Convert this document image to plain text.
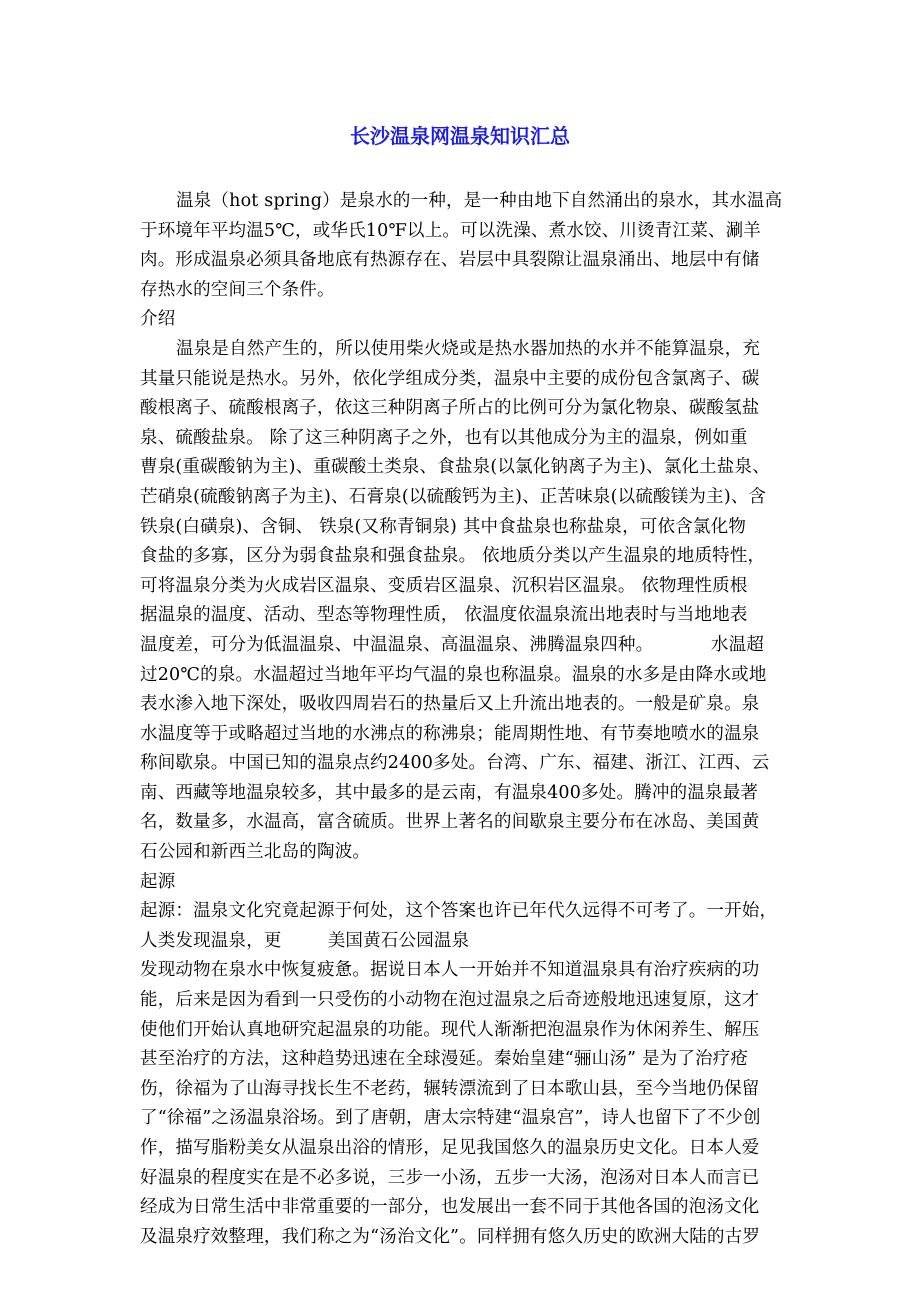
长沙温泉网温泉知识汇总
温泉（hot spring）是泉水的一种，是一种由地下自然涌出的泉水，其水温高
于环境年平均温5℃，或华氏10℉以上。可以洗澡、煮水饺、川烫青江菜、涮羊
肉。形成温泉必须具备地底有热源存在、岩层中具裂隙让温泉涌出、地层中有储
存热水的空间三个条件。
介绍
温泉是自然产生的，所以使用柴火烧或是热水器加热的水并不能算温泉，充
其量只能说是热水。另外，依化学组成分类，温泉中主要的成份包含氯离子、碳
酸根离子、硫酸根离子，依这三种阴离子所占的比例可分为氯化物泉、碳酸氢盐
泉、硫酸盐泉。 除了这三种阴离子之外，也有以其他成分为主的温泉，例如重
曹泉(重碳酸钠为主)、重碳酸土类泉、食盐泉(以氯化钠离子为主)、氯化土盐泉、
芒硝泉(硫酸钠离子为主)、石膏泉(以硫酸钙为主)、正苦味泉(以硫酸镁为主)、含
铁泉(白磺泉)、含铜、 铁泉(又称青铜泉) 其中食盐泉也称盐泉，可依含氯化物
食盐的多寡，区分为弱食盐泉和强食盐泉。 依地质分类以产生温泉的地质特性，
可将温泉分类为火成岩区温泉、变质岩区温泉、沉积岩区温泉。 依物理性质根
据温泉的温度、活动、型态等物理性质， 依温度依温泉流出地表时与当地地表
温度差，可分为低温温泉、中温温泉、高温温泉、沸腾温泉四种。          水温超
过20℃的泉。水温超过当地年平均气温的泉也称温泉。温泉的水多是由降水或地
表水渗入地下深处，吸收四周岩石的热量后又上升流出地表的。一般是矿泉。泉
水温度等于或略超过当地的水沸点的称沸泉；能周期性地、有节奏地喷水的温泉
称间歇泉。中国已知的温泉点约2400多处。台湾、广东、福建、浙江、江西、云
南、西藏等地温泉较多，其中最多的是云南，有温泉400多处。腾冲的温泉最著
名，数量多，水温高，富含硫质。世界上著名的间歇泉主要分布在冰岛、美国黄
石公园和新西兰北岛的陶波。
起源
起源：温泉文化究竟起源于何处，这个答案也许已年代久远得不可考了。一开始，
人类发现温泉，更        美国黄石公园温泉
发现动物在泉水中恢复疲惫。据说日本人一开始并不知道温泉具有治疗疾病的功
能，后来是因为看到一只受伤的小动物在泡过温泉之后奇迹般地迅速复原，这才
使他们开始认真地研究起温泉的功能。现代人渐渐把泡温泉作为休闲养生、解压
甚至治疗的方法，这种趋势迅速在全球漫延。秦始皇建“骊山汤” 是为了治疗疮
伤，徐福为了山海寻找长生不老药，辗转漂流到了日本歌山县，至今当地仍保留
了“徐福”之汤温泉浴场。到了唐朝，唐太宗特建“温泉宫”，诗人也留下了不少创
作，描写脂粉美女从温泉出浴的情形，足见我国悠久的温泉历史文化。日本人爱
好温泉的程度实在是不必多说，三步一小汤，五步一大汤，泡汤对日本人而言已
经成为日常生活中非常重要的一部分，也发展出一套不同于其他各国的泡汤文化
及温泉疗效整理，我们称之为“汤治文化”。同样拥有悠久历史的欧洲大陆的古罗
